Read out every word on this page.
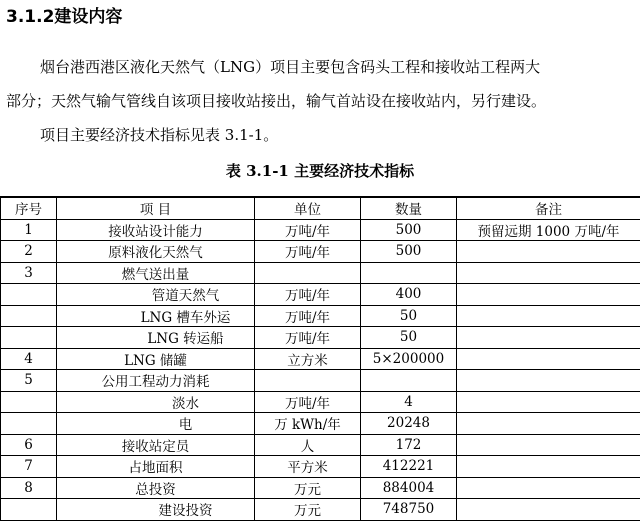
3.1.2建设内容
烟台港西港区液化天然气（LNG）项目主要包含码头工程和接收站工程两大
部分；天然气输气管线自该项目接收站接出，输气首站设在接收站内，另行建设。
项目主要经济技术指标见表 3.1-1。
表 3.1-1 主要经济技术指标
序号	项 目	单位	数量	备注
1	接收站设计能力	万吨/年	500	预留远期 1000 万吨/年
2	原料液化天然气	万吨/年	500	
3	燃气送出量			
	管道天然气	万吨/年	400	
	LNG 槽车外运	万吨/年	50	
	LNG 转运船	万吨/年	50	
4	LNG 储罐	立方米	5×200000	
5	公用工程动力消耗			
	淡水	万吨/年	4	
	电	万 kWh/年	20248	
6	接收站定员	人	172	
7	占地面积	平方米	412221	
8	总投资	万元	884004	
	建设投资	万元	748750	
